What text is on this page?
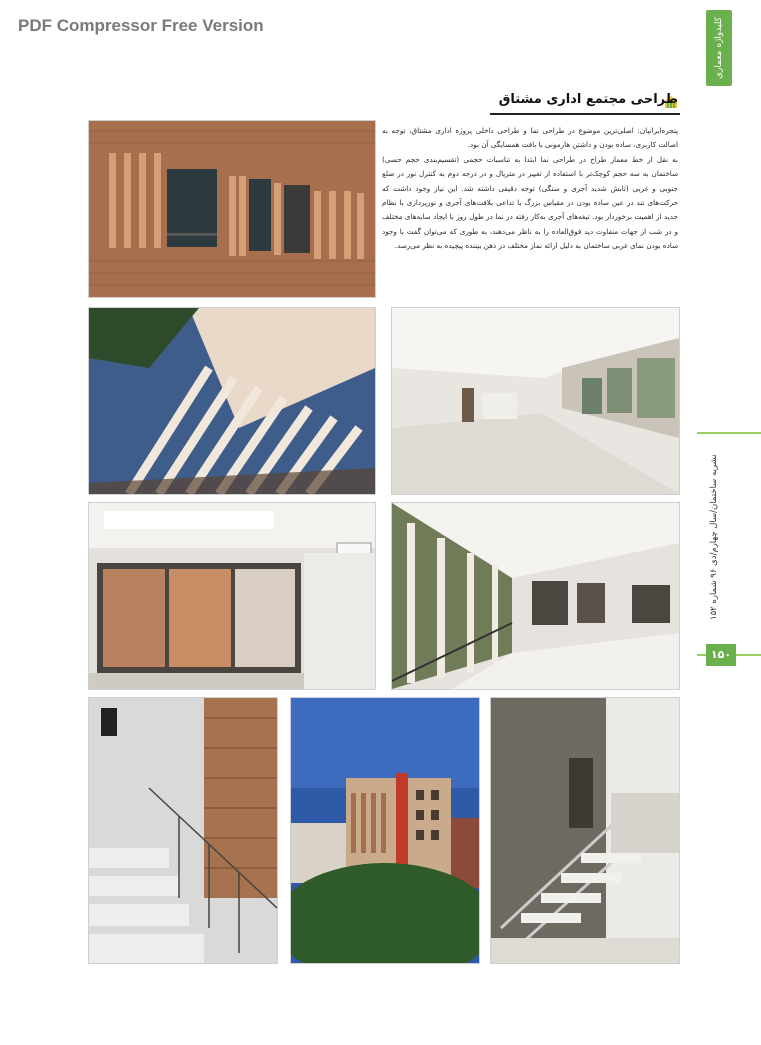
PDF Compressor Free Version	کلیدواژه معماری
نشریه ساختمان/سال چهارم/دی ۹۶ شماره ۱۵۲
۱۵۰
طراحی مجتمع اداری مشتاق

پنجره‌ایرانیان: اصلی‌ترین موضوع در طراحی نما و طراحی داخلی پروژه اداری مشتاق، توجه به اصالت کاربری، ساده بودن و داشتن هارمونی با بافت همسایگی آن بود.

به نقل از خط معمار طراح در طراحی نما ابتدا به تناسبات حجمی (تقسیم‌بندی حجم حسی) ساختمان به سه حجم کوچک‌تر با استفاده از تغییر در متریال و در درجه دوم به کنترل نور در ضلع جنوبی و غربی (تابش شدید آجری و سنگی) توجه دقیقی داشته شد. این نیاز وجود داشت که حرکت‌های تند در عین ساده بودن در مقیاس بزرگ با تداعی بلافت‌های آجری و نورپردازی با نظام جدید از اهمیت برخوردار بود. تیغه‌های آجری به‌کار رفته در نما در طول روز با ایجاد سایه‌های مختلف و در شب از جهات متفاوت دید فوق‌العاده را به ناظر می‌دهند، به طوری که می‌توان گفت با وجود ساده بودن نمای غربی ساختمان به دلیل ارائه نماز مختلف در ذهن بیننده پیچیده به نظر می‌رسد.
